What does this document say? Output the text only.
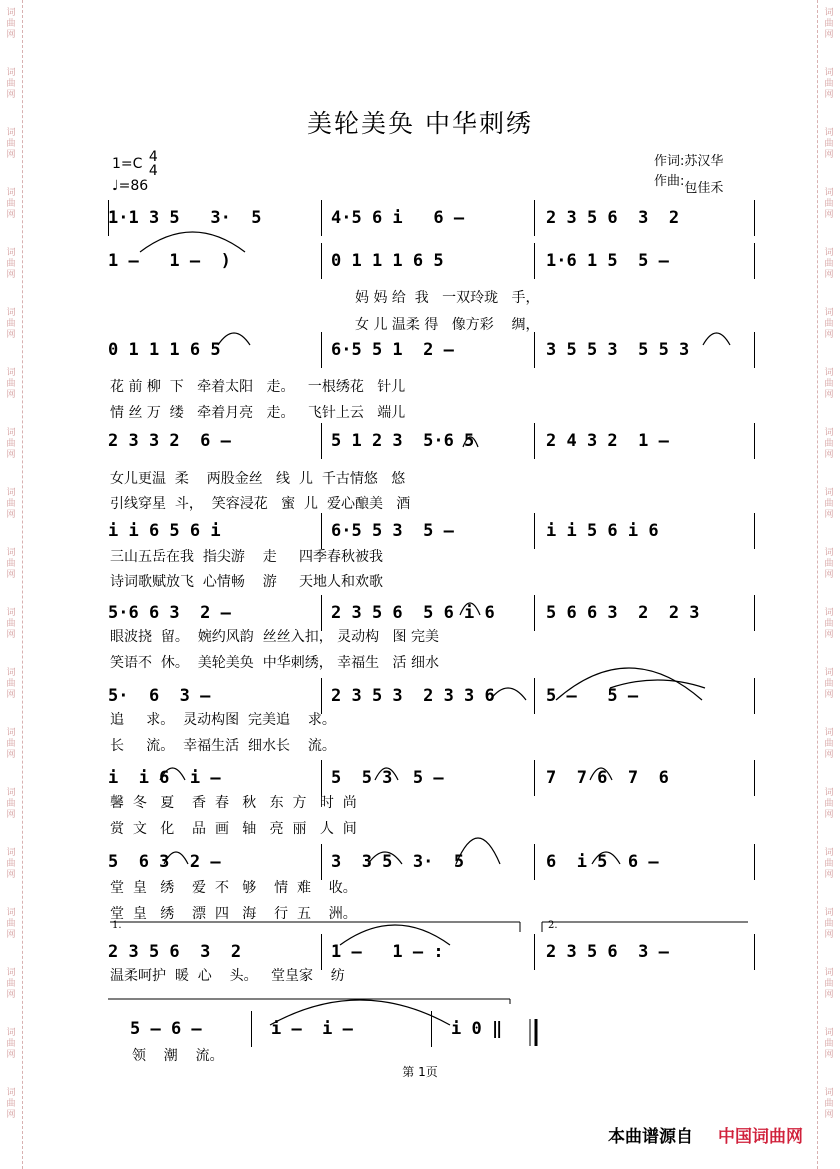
词
曲
网
词
曲
网
词
曲
网
词
曲
网
词
曲
网
词
曲
网
词
曲
网
词
曲
网
词
曲
网
词
曲
网
词
曲
网
词
曲
网
词
曲
网
词
曲
网
词
曲
网
词
曲
网
词
曲
网
词
曲
网
词
曲
网
词
曲
网
词
曲
网
词
曲
网
词
曲
网
词
曲
网
词
曲
网
词
曲
网
词
曲
网
词
曲
网
词
曲
网
词
曲
网
词
曲
网
词
曲
网
词
曲
网
词
曲
网
词
曲
网
词
曲
网
词
曲
网
词
曲
网
美轮美奂 中华刺绣
作词:苏汉华
作曲:包佳禾
1=C 4
4
♩=86
1·1 3 5   3·  5	4·5 6 i   6 —	2 3 5 6  3  2
1 —   1 —  )	0 1 1 1 6 5	1·6 1 5  5 —
妈 妈 给  我   一双玲珑   手，
女 儿 温柔 得   像方彩    绸，
0 1 1 1 6 5	6·5 5 1  2 —	3 5 5 3  5 5 3
花 前 柳  下   牵着太阳   走。   一根绣花   针儿
情 丝 万  缕   牵着月亮   走。   飞针上云   端儿
2 3 3 2  6 —	5 1 2 3  5·6 5	2 4 3 2  1 —
女儿更温  柔    两股金丝   线  儿  千古情悠   悠
引线穿星  斗，  笑容浸花   蜜  儿  爱心酿美   酒
i i 6 5 6 i	6·5 5 3  5 —	i i 5 6 i 6
三山五岳在我  指尖游    走     四季春秋被我
诗词歌赋放飞  心情畅    游     天地人和欢歌
5·6 6 3  2 —	2 3 5 6  5 6 i 6	5 6 6 3  2  2 3
眼波挠  留。  婉约风韵  丝丝入扣， 灵动构   图 完美
笑语不  休。  美轮美奂  中华刺绣， 幸福生   活 细水
5·  6  3 —	2 3 5 3  2 3 3 6	5 —   5 —
追     求。  灵动构图  完美追    求。
长     流。  幸福生活  细水长    流。
i  i 6  i —	5  5 3  5 —	7  7 6  7  6
馨  冬   夏    香  春   秋   东  方   时  尚
赏  文   化    品  画   轴   亮  丽   人  间
5  6 3  2 —	3  3 5  3·  5	6  i 5  6 —
堂  皇   绣    爱  不   够    情  难    收。
堂  皇   绣    漂  四   海    行  五    洲。
2 3 5 6  3  2	1 —   1 — :	2 3 5 6  3 —
温柔呵护  暖  心    头。   堂皇家    纺
1.	2.
5 — 6 —	i —  i —	i 0 ‖
领    潮    流。
第 1页
本曲谱源自 中国词曲网
